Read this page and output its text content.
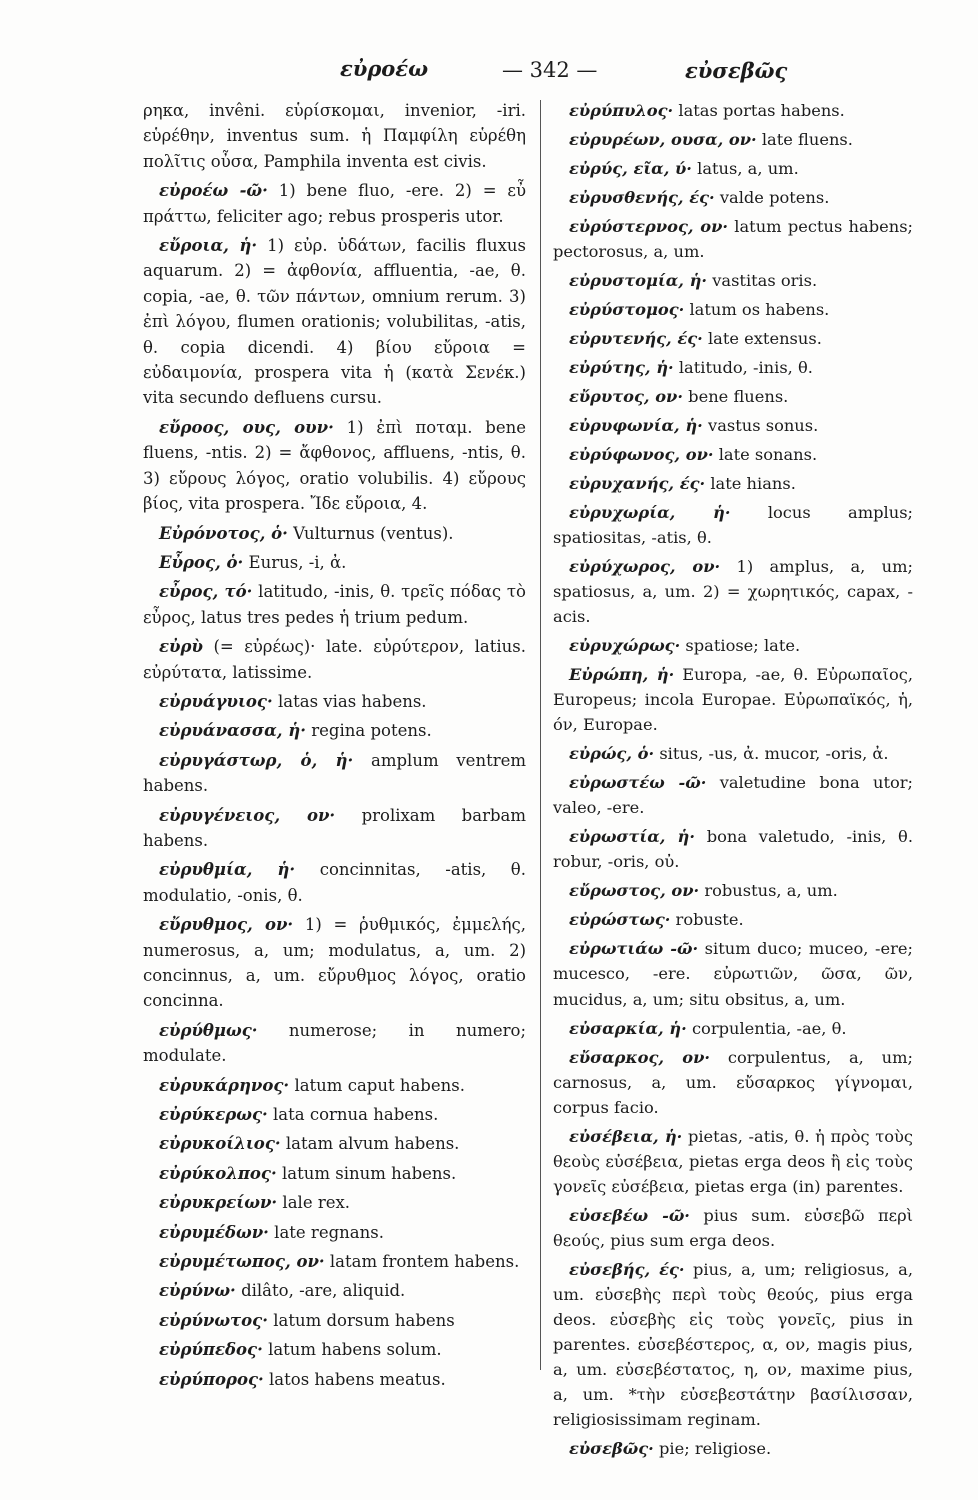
εὐροέω	— 342 —	εὐσεβῶς

ρηκα, invêni. εὑρίσκομαι, invenior, -iri. εὑρέθην, inventus sum. ἡ Παμφίλη εὑρέθη πολῖτις οὖσα, Pamphila inventa est civis.

εὐροέω -ῶ· 1) bene fluo, -ere. 2) = εὖ πράττω, feliciter ago; rebus prosperis utor.

εὔροια, ἡ· 1) εὐρ. ὑδάτων, facilis fluxus aquarum. 2) = ἀφθονία, affluentia, -ae, θ. copia, -ae, θ. τῶν πάντων, omnium rerum. 3) ἐπὶ λόγου, flumen orationis; volubilitas, -atis, θ. copia dicendi. 4) βίου εὔροια = εὐδαιμονία, prospera vita ἡ (κατὰ Σενέκ.) vita secundo defluens cursu.

εὔροος, ους, ουν· 1) ἐπὶ ποταμ. bene fluens, -ntis. 2) = ἄφθονος, affluens, -ntis, θ. 3) εὔρους λόγος, oratio volubilis. 4) εὔρους βίος, vita prospera. Ἴδε εὔροια, 4.

Εὐρόνοτος, ὁ· Vulturnus (ventus).

Εὖρος, ὁ· Eurus, -i, ἀ.

εὖρος, τό· latitudo, -inis, θ. τρεῖς πόδας τὸ εὖρος, latus tres pedes ἡ trium pedum.

εὐρὺ (= εὐρέως)· late. εὐρύτερον, latius. εὐρύτατα, latissime.

εὐρυάγυιος· latas vias habens.

εὐρυάνασσα, ἡ· regina potens.

εὐρυγάστωρ, ὁ, ἡ· amplum ventrem habens.

εὐρυγένειος, ον· prolixam barbam habens.

εὐρυθμία, ἡ· concinnitas, -atis, θ. modulatio, -onis, θ.

εὔρυθμος, ον· 1) = ῥυθμικός, ἐμμελής, numerosus, a, um; modulatus, a, um. 2) concinnus, a, um. εὔρυθμος λόγος, oratio concinna.

εὐρύθμως· numerose; in numero; modulate.

εὐρυκάρηνος· latum caput habens.

εὐρύκερως· lata cornua habens.

εὐρυκοίλιος· latam alvum habens.

εὐρύκολπος· latum sinum habens.

εὐρυκρείων· lale rex.

εὐρυμέδων· late regnans.

εὐρυμέτωπος, ον· latam frontem habens.

εὐρύνω· dilâto, -are, aliquid.

εὐρύνωτος· latum dorsum habens

εὐρύπεδος· latum habens solum.

εὐρύπορος· latos habens meatus.

εὐρύπυλος· latas portas habens.

εὐρυρέων, ουσα, ον· late fluens.

εὐρύς, εῖα, ύ· latus, a, um.

εὐρυσθενής, ές· valde potens.

εὐρύστερνος, ον· latum pectus habens; pectorosus, a, um.

εὐρυστομία, ἡ· vastitas oris.

εὐρύστομος· latum os habens.

εὐρυτενής, ές· late extensus.

εὐρύτης, ἡ· latitudo, -inis, θ.

εὔρυτος, ον· bene fluens.

εὐρυφωνία, ἡ· vastus sonus.

εὐρύφωνος, ον· late sonans.

εὐρυχανής, ές· late hians.

εὐρυχωρία, ἡ· locus amplus; spatiositas, -atis, θ.

εὐρύχωρος, ον· 1) amplus, a, um; spatiosus, a, um. 2) = χωρητικός, capax, -acis.

εὐρυχώρως· spatiose; late.

Εὐρώπη, ἡ· Europa, -ae, θ. Εὐρωπαῖος, Europeus; incola Europae. Εὐρωπαϊκός, ἡ, όν, Europae.

εὐρώς, ὁ· situs, -us, ἀ. mucor, -oris, ἀ.

εὐρωστέω -ῶ· valetudine bona utor; valeo, -ere.

εὐρωστία, ἡ· bona valetudo, -inis, θ. robur, -oris, οὐ.

εὔρωστος, ον· robustus, a, um.

εὐρώστως· robuste.

εὐρωτιάω -ῶ· situm duco; muceo, -ere; mucesco, -ere. εὐρωτιῶν, ῶσα, ῶν, mucidus, a, um; situ obsitus, a, um.

εὐσαρκία, ἡ· corpulentia, -ae, θ.

εὔσαρκος, ον· corpulentus, a, um; carnosus, a, um. εὔσαρκος γίγνομαι, corpus facio.

εὐσέβεια, ἡ· pietas, -atis, θ. ἡ πρὸς τοὺς θεοὺς εὐσέβεια, pietas erga deos ἢ εἰς τοὺς γονεῖς εὐσέβεια, pietas erga (in) parentes.

εὐσεβέω -ῶ· pius sum. εὐσεβῶ περὶ θεούς, pius sum erga deos.

εὐσεβής, ές· pius, a, um; religiosus, a, um. εὐσεβὴς περὶ τοὺς θεούς, pius erga deos. εὐσεβὴς εἰς τοὺς γονεῖς, pius in parentes. εὐσεβέστερος, α, ον, magis pius, a, um. εὐσεβέστατος, η, ον, maxime pius, a, um. *τὴν εὐσεβεστάτην βασίλισσαν, religiosissimam reginam.

εὐσεβῶς· pie; religiose.
